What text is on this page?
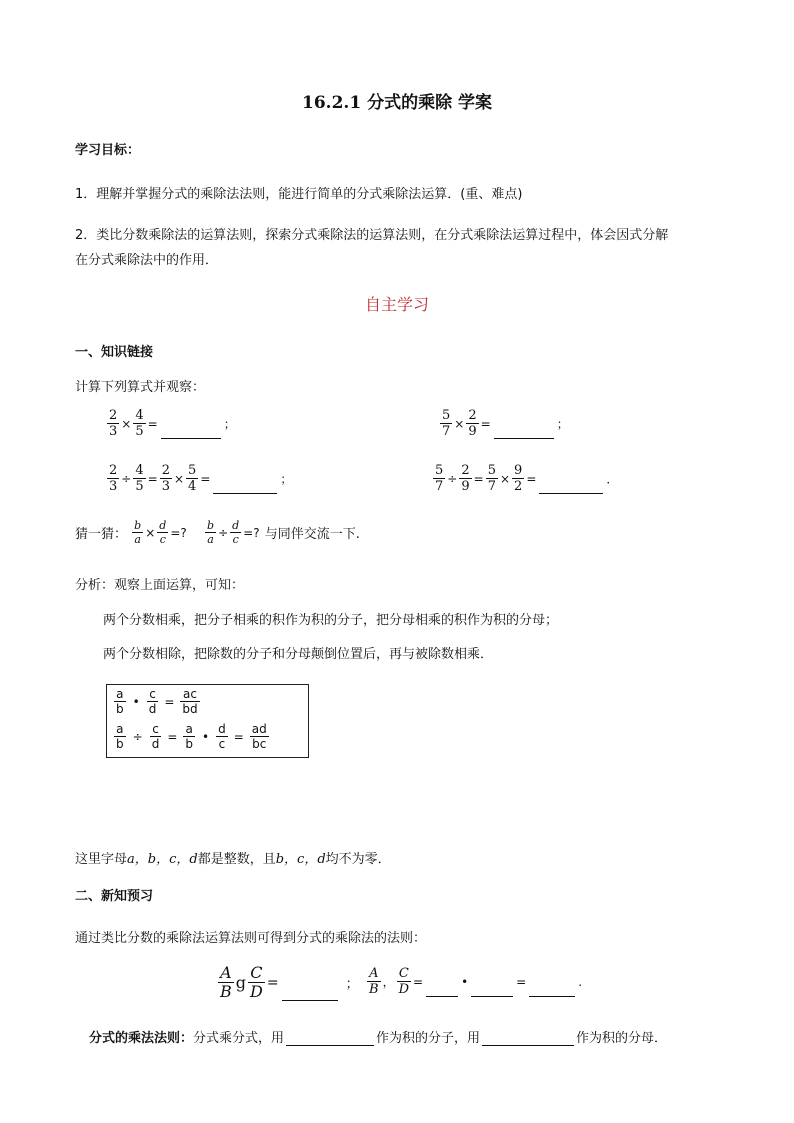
16.2.1 分式的乘除 学案
学习目标：
1．理解并掌握分式的乘除法法则，能进行简单的分式乘除法运算．(重、难点)
2．类比分数乘除法的运算法则，探索分式乘除法的运算法则，在分式乘除法运算过程中，体会因式分解
在分式乘除法中的作用．
自主学习
一、知识链接
计算下列算式并观察：
$\frac{2}{3} \times \frac{4}{5}$ =	；	$\frac{5}{7} \times \frac{2}{9}$ =	；
$\frac{2}{3} \div \frac{4}{5} = \frac{2}{3} \times \frac{5}{4}$ =	；	$\frac{5}{7} \div \frac{2}{9} = \frac{5}{7} \times \frac{9}{2}$ =	．
猜一猜： $\frac{b}{a} \times \frac{d}{c}$ =? $\frac{b}{a} \div \frac{d}{c}$ =? 与同伴交流一下.
分析：观察上面运算，可知：
两个分数相乘，把分子相乘的积作为积的分子，把分母相乘的积作为积的分母；
两个分数相除，把除数的分子和分母颠倒位置后，再与被除数相乘．
$\frac{a}{b}$ • $\frac{c}{d} = \frac{ac}{bd}$
$\frac{a}{b} \div \frac{c}{d} = \frac{a}{b}$ • $\frac{d}{c} = \frac{ad}{bc}$
这里字母a，b，c，d都是整数，且b，c，d均不为零．
二、新知预习
通过类比分数的乘除法运算法则可得到分式的乘除法的法则：
$\frac{A}{B}$ g $\frac{C}{D}$ =	； $\frac{A}{B}$ ， $\frac{C}{D}$ =	•	=	.
分式的乘法法则：分式乘分式，用	作为积的分子，用	作为积的分母．
